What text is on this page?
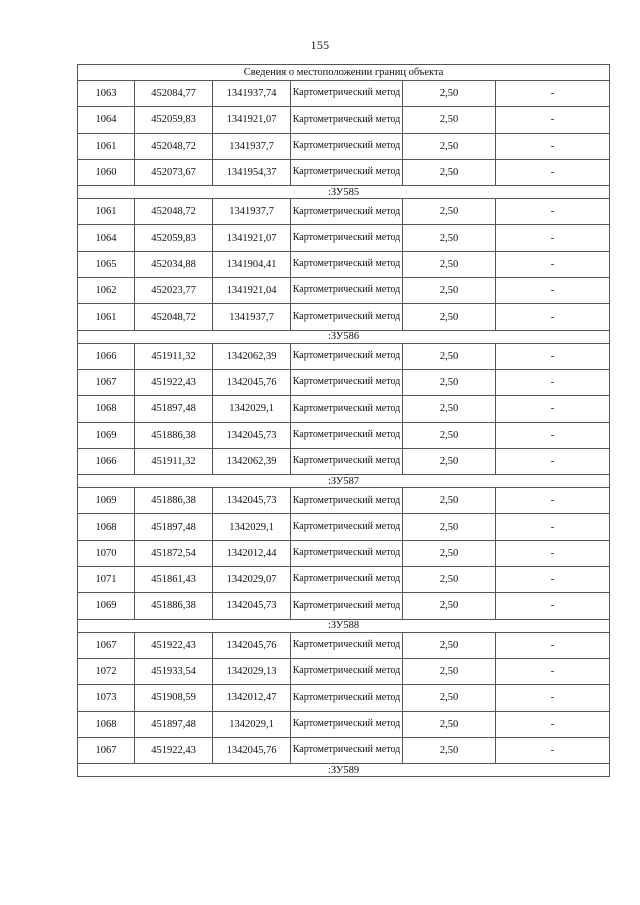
155
Сведения о местоположении границ объекта					
1063	452084,77	1341937,74	Картометрический метод	2,50	-
1064	452059,83	1341921,07	Картометрический метод	2,50	-
1061	452048,72	1341937,7	Картометрический метод	2,50	-
1060	452073,67	1341954,37	Картометрический метод	2,50	-
:ЗУ585					
1061	452048,72	1341937,7	Картометрический метод	2,50	-
1064	452059,83	1341921,07	Картометрический метод	2,50	-
1065	452034,88	1341904,41	Картометрический метод	2,50	-
1062	452023,77	1341921,04	Картометрический метод	2,50	-
1061	452048,72	1341937,7	Картометрический метод	2,50	-
:ЗУ586					
1066	451911,32	1342062,39	Картометрический метод	2,50	-
1067	451922,43	1342045,76	Картометрический метод	2,50	-
1068	451897,48	1342029,1	Картометрический метод	2,50	-
1069	451886,38	1342045,73	Картометрический метод	2,50	-
1066	451911,32	1342062,39	Картометрический метод	2,50	-
:ЗУ587					
1069	451886,38	1342045,73	Картометрический метод	2,50	-
1068	451897,48	1342029,1	Картометрический метод	2,50	-
1070	451872,54	1342012,44	Картометрический метод	2,50	-
1071	451861,43	1342029,07	Картометрический метод	2,50	-
1069	451886,38	1342045,73	Картометрический метод	2,50	-
:ЗУ588					
1067	451922,43	1342045,76	Картометрический метод	2,50	-
1072	451933,54	1342029,13	Картометрический метод	2,50	-
1073	451908,59	1342012,47	Картометрический метод	2,50	-
1068	451897,48	1342029,1	Картометрический метод	2,50	-
1067	451922,43	1342045,76	Картометрический метод	2,50	-
:ЗУ589					
